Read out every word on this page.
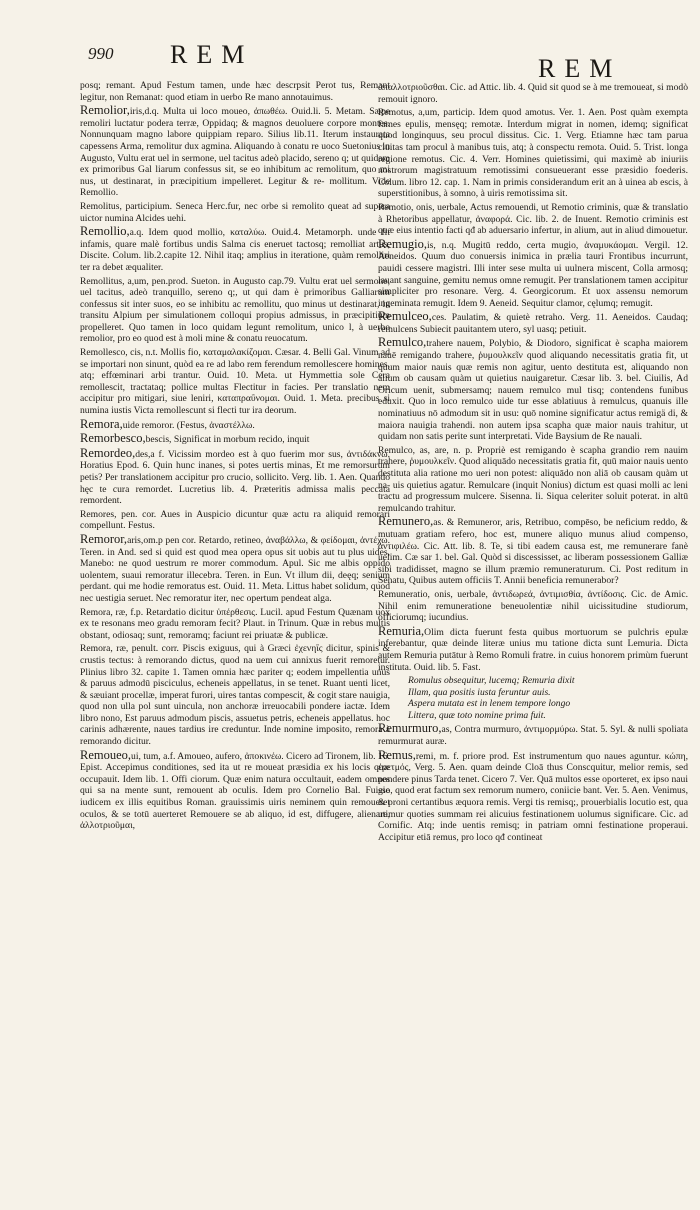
990 REM	REM
posq; remant. Apud Festum tamen, unde hæc descrpsit Perot tus, Remant legitur, non Remanat: quod etiam in uerbo Re mano annotauimus.
Remolior,iris,d.q. Multa ui loco moueo, ἀπωθέω. Ouid.li. 5. Metam. Sæpe remoliri luctatur podera terræ, Oppidaq; & magnos deuoluere corpore montes. Nonnunquam magno labore quippiam reparo. Silius lib.11. Iterum instaurata capessens Arma, remolitur dux agmina. Aliquando à conatu re uoco Suetonius in Augusto, Vultu erat uel in sermone, uel tacitus adeò placido, sereno q; ut quidam ex primoribus Gal liarum confessus sit, se eo inhibitum ac remolitum, quo mi nus, ut destinarat, in præcipitium impelleret. Legitur & re- mollitum. Vide Remollio.
Remolitus, participium. Seneca Herc.fur, nec orbe si remolito queat ad supera uictor numina Alcides uehi.
Remollio,a.q. Idem quod mollio, καταλύω. Ouid.4. Metamorph. unde fit infamis, quare malè fortibus undis Salma cis eneruet tactosq; remolliat artus, Discite. Colum. lib.2.capite 12. Nihil itaq; amplius in iteratione, quàm remolliri ter ra debet æqualiter.
Remollitus, a,um, pen.prod. Sueton. in Augusto cap.79. Vultu erat uel sermone, uel tacitus, adeò tranquillo, sereno q;, ut qui dam è primoribus Galliarum confessus sit inter suos, eo se inhibitu ac remollitu, quo minus ut destinarat, in transitu Alpium per simulationem colloqui propius admissus, in præcipitium propelleret. Quo tamen in loco quidam legunt remolitum, unico l, à uerbo remolior, pro eo quod est à moli mine & conatu reuocatum.
Remollesco, cis, n.t. Mollis fio, καταμαλακίζομαι. Cæsar. 4. Belli Gal. Vinum ad se importari non sinunt, quòd ea re ad labo rem ferendum remollescere homines, atq; effœminari arbi trantur. Ouid. 10. Meta. ut Hymmettia sole Cera remollescit, tractataq; pollice multas Flectitur in facies. Per translatio nem accipitur pro mitigari, siue leniri, καταπραΰνομαι. Ouid. 1. Meta. precibus si numina iustis Victa remollescunt si flecti tur ira deorum.
Remora,uide remoror. (Festus, ἀναστέλλω.
Remorbesco,bescis, Significat in morbum recido, inquit
Remordeo,des,a f. Vicissim mordeo est à quo fuerim mor sus, ἀντιδάκνω. Horatius Epod. 6. Quin hunc inanes, si potes uertis minas, Et me remorsurum petis? Per translationem accipitur pro crucio, sollicito. Verg. lib. 1. Aen. Quando hęc te cura remordet. Lucretius lib. 4. Præteritis admissa malis peccata remordent.
Remores, pen. cor. Aues in Auspicio dicuntur quæ actu ra aliquid remorari compellunt. Festus.
Remoror,aris,om.p pen cor. Retardo, retineo, ἀναβάλλω, & φείδομαι, ἀντέχω. Teren. in And. sed si quid est quod mea opera opus sit uobis aut tu plus uides, Manebo: ne quod uestrum re morer commodum. Apul. Sic me albis oppido uolentem, suaui remoratur illecebra. Teren. in Eun. Vt illum dii, deęq; senium perdant. qui me hodie remoratus est. Ouid. 11. Meta. Littus habet solidum, quod nec uestigia seruet. Nec remoratur iter, nec opertum pendeat alga.
Remora, ræ, f.p. Retardatio dicitur ὑπέρθεσις. Lucil. apud Festum Quænam uox ex te resonans meo gradu remoram fecit? Plaut. in Trinum. Quæ in rebus multis obstant, odiosaq; sunt, remoramq; faciunt rei priuatæ & publicæ.
Remora, ræ, penult. corr. Piscis exiguus, qui à Græci ἐχενηΐς dicitur, spinis & crustis tectus: à remorando dictus, quod na uem cui annixus fuerit remoretur. Plinius libro 32. capite 1. Tamen omnia hæc pariter q; eodem impellentia unus & paruus admodū pisciculus, echeneis appellatus, in se tenet. Ruant uenti licet, & sæuiant procellæ, imperat furori, uires tantas compescit, & cogit stare nauigia, quod non ulla pol sunt uincula, non anchoræ irreuocabili pondere iactæ. Idem libro nono, Est paruus admodum piscis, assuetus petris, echeneis appellatus. hoc carinis adhærente, naues tardius ire creduntur. Inde nomine imposito, remora à remorando dicitur.
Remoueo,ui, tum, a.f. Amoueo, aufero, ἀποκινέω. Cicero ad Tironem, lib. 16. Epist. Accepimus conditiones, sed ita ut re moueat præsidia ex his locis quæ occupauit. Idem lib. 1. Offi ciorum. Quæ enim natura occultauit, eadem omnes qui sa na mente sunt, remouent ab oculis. Idem pro Cornelio Bal. Fuisse iudicem ex illis equitibus Roman. grauissimis uiris neminem quin remoueret oculos, & se totū auerteret Remouere se ab aliquo, id est, diffugere, alienare, ἀλλοτριοῦμαι,
ἀπαλλοτριοῦσθαι. Cic. ad Attic. lib. 4. Quid sit quod se à me tremoueat, si modò remouit ignoro.
Remotus, a,um, particip. Idem quod amotus. Ver. 1. Aen. Post quàm exempta fames epulis, mensęq; remotæ. Interdum migrat in nomen, idemq; significat quod longinquus, seu procul dissitus. Cic. 1. Verg. Etiamne hæc tam parua ciuitas tam procul à manibus tuis, atq; à conspectu remota. Ouid. 5. Trist. longa regione remotus. Cic. 4. Verr. Homines quietissimi, qui maximè ab iniuriis nostrorum magistratuum remotissimi consueuerant esse præsidio foederis. Colum. libro 12. cap. 1. Nam in primis considerandum erit an à uinea ab escis, à superstitionibus, à somno, à uiris remotissima sit.
Remotio, onis, uerbale, Actus remouendi, ut Remotio criminis, quæ & translatio à Rhetoribus appellatur, ἀναφορά. Cic. lib. 2. de Inuent. Remotio criminis est quæ eius intentio facti qđ ab aduersario infertur, in alium, aut in aliud dimouetur.
Remugio,is, n.q. Mugitū reddo, certa mugio, ἀναμυκάομαι. Vergil. 12. Aeneidos. Quum duo conuersis inimica in prælia tauri Frontibus incurrunt, pauidi cessere magistri. Illi inter sese multa ui uulnera miscent, Colla armosq; lauant sanguine, gemitu nemus omne remugit. Per translationem tamen accipitur simpliciter pro resonare. Verg. 4. Georgicorum. Et uox assensu nemorum ingeminata remugit. Idem 9. Aeneid. Sequitur clamor, cęlumq; remugit.
Remulceo,ces. Paulatim, & quietè retraho. Verg. 11. Aeneidos. Caudaq; remulcens Subiecit pauitantem utero, syl uasq; petiuit.
Remulco,trahere nauem, Polybio, & Diodoro, significat è scapha maiorem nauē remigando trahere, ῥυμουλκεῖν quod aliquando necessitatis gratia fit, ut quum maior nauis quæ remis non agitur, uento destituta est, aliquando non alium ob causam quàm ut quietius nauigaretur. Cæsar lib. 3. bel. Ciuilis, Ad Oricum uenit, submersamq; nauem remulco mul tisq; contendens funibus eduxit. Quo in loco remulco uide tur esse ablatiuus à remulcus, quanuis ille nominatiuus nō admodum sit in usu: quō nomine significatur actus remigä di, & maiora nauigia trahendi. non autem ipsa scapha quæ maior nauis trahitur, ut quidam non satis perite sunt interpretati. Vide Baysium de Re nauali.
Remulco, as, are, n. p. Propriè est remigando è scapha grandio rem nauim trahere, ῥυμουλκεῖν. Quod aliquādo necessitatis gratia fit, quū maior nauis uento destituta alia ratione mo ueri non potest: aliquādo non aliā ob causam quàm ut na- uis quietius agatur. Remulcare (inquit Nonius) dictum est quasi molli ac leni tractu ad progressum mulcere. Sisenna. li. Siqua celeriter soluit poterat. in altū remulcando trahitur.
Remunero,as. & Remuneror, aris, Retribuo, compēso, be neficium reddo, & mutuam gratiam refero, hoc est, munere aliquo munus aliud compenso, ἀντιφιλέω. Cic. Att. lib. 8. Te, si tibi eadem causa est, me remunerare fanè uelim. Cæ sar 1. bel. Gal. Quòd si discessisset, ac liberam possessionem Galliæ sibi tradidisset, magno se illum præmio remuneraturum. Ci. Post reditum in Senatu, Quibus autem officiis T. Annii beneficia remunerabor?
Remuneratio, onis, uerbale, ἀντιδωρεά, ἀντιμισθία, ἀντίδοσις. Cic. de Amic. Nihil enim remuneratione beneuolentiæ nihil uicissitudine studiorum, officiorumq; iucundius.
Remuria,Olim dicta fuerunt festa quibus mortuorum se pulchris epulæ inferebantur, quæ deinde literæ unius mu tatione dicta sunt Lemuria. Dicta autem Remuria putātur à Remo Romuli fratre. in cuius honorem primùm fuerunt instituta. Ouid. lib. 5. Fast.
Romulus obsequitur, lucemq; Remuria dixit
Illam, qua positis iusta feruntur auis.
Aspera mutata est in lenem tempore longo
Littera, quæ toto nomine prima fuit.
Remurmuro,as, Contra murmuro, ἀντιμορμύρω. Stat. 5. Syl. & nulli spoliata remurmurat auræ.
Remus,remi, m. f. priore prod. Est instrumentum quo naues aguntur. κώπη, ἐρετμός, Verg. 5. Aen. quam deinde Cloā thus Conscquitur, melior remis, sed pondere pinus Tarda tenet. Cicero 7. Ver. Quā multos esse oporteret, ex ipso naui gio, quod erat factum sex remorum numero, coniicie bant. Ver. 5. Aen. Venimus, & proni certantibus æquora remis. Vergi tis remisq;, prouerbialis locutio est, qua utimur quoties summam rei alicuius festinationem uolumus significare. Cic. ad Cornific. Atq; inde uentis remisq; in patriam omni festinatione properaui. Accipitur etiā remus, pro loco qđ contineat
